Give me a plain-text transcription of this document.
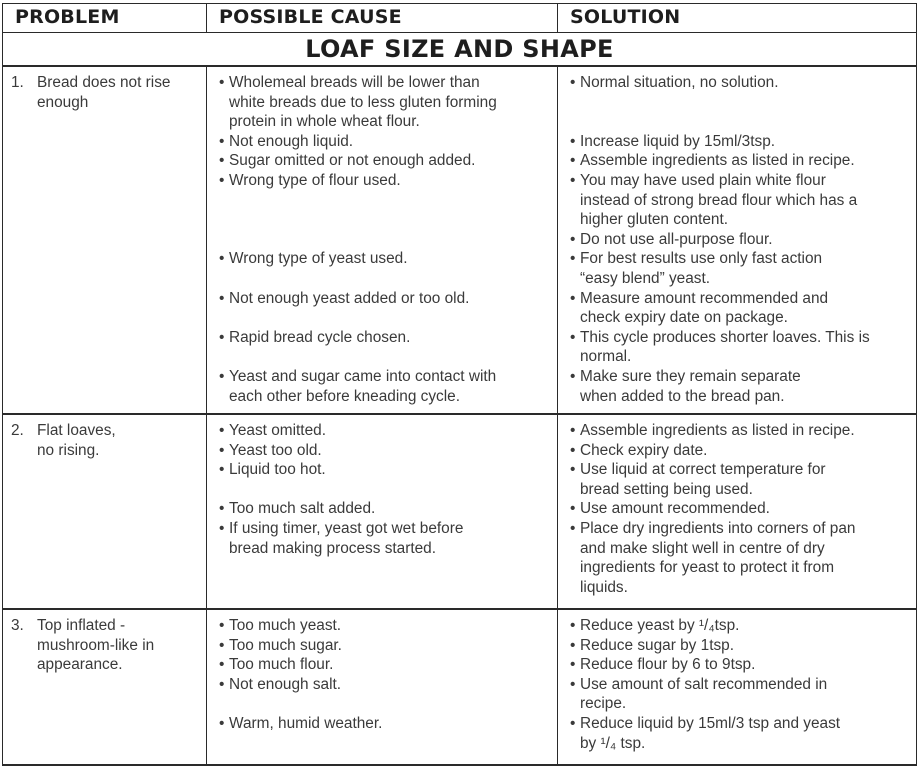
PROBLEM	POSSIBLE CAUSE	SOLUTION
LOAF SIZE AND SHAPE
1. Bread does not rise enough
• Wholemeal breads will be lower than white breads due to less gluten forming protein in whole wheat flour.
• Not enough liquid.
• Sugar omitted or not enough added.
• Wrong type of flour used.
• Wrong type of yeast used.
• Not enough yeast added or too old.
• Rapid bread cycle chosen.
• Yeast and sugar came into contact with each other before kneading cycle.
• Normal situation, no solution.
• Increase liquid by 15ml/3tsp.
• Assemble ingredients as listed in recipe.
• You may have used plain white flour instead of strong bread flour which has a higher gluten content.
• Do not use all-purpose flour.
• For best results use only fast action “easy blend” yeast.
• Measure amount recommended and check expiry date on package.
• This cycle produces shorter loaves. This is normal.
• Make sure they remain separate when added to the bread pan.
2. Flat loaves, no rising.
• Yeast omitted.
• Yeast too old.
• Liquid too hot.
• Too much salt added.
• If using timer, yeast got wet before bread making process started.
• Assemble ingredients as listed in recipe.
• Check expiry date.
• Use liquid at correct temperature for bread setting being used.
• Use amount recommended.
• Place dry ingredients into corners of pan and make slight well in centre of dry ingredients for yeast to protect it from liquids.
3. Top inflated - mushroom-like in appearance.
• Too much yeast.
• Too much sugar.
• Too much flour.
• Not enough salt.
• Warm, humid weather.
• Reduce yeast by ¹/₄tsp.
• Reduce sugar by 1tsp.
• Reduce flour by 6 to 9tsp.
• Use amount of salt recommended in recipe.
• Reduce liquid by 15ml/3 tsp and yeast by ¹/₄ tsp.
